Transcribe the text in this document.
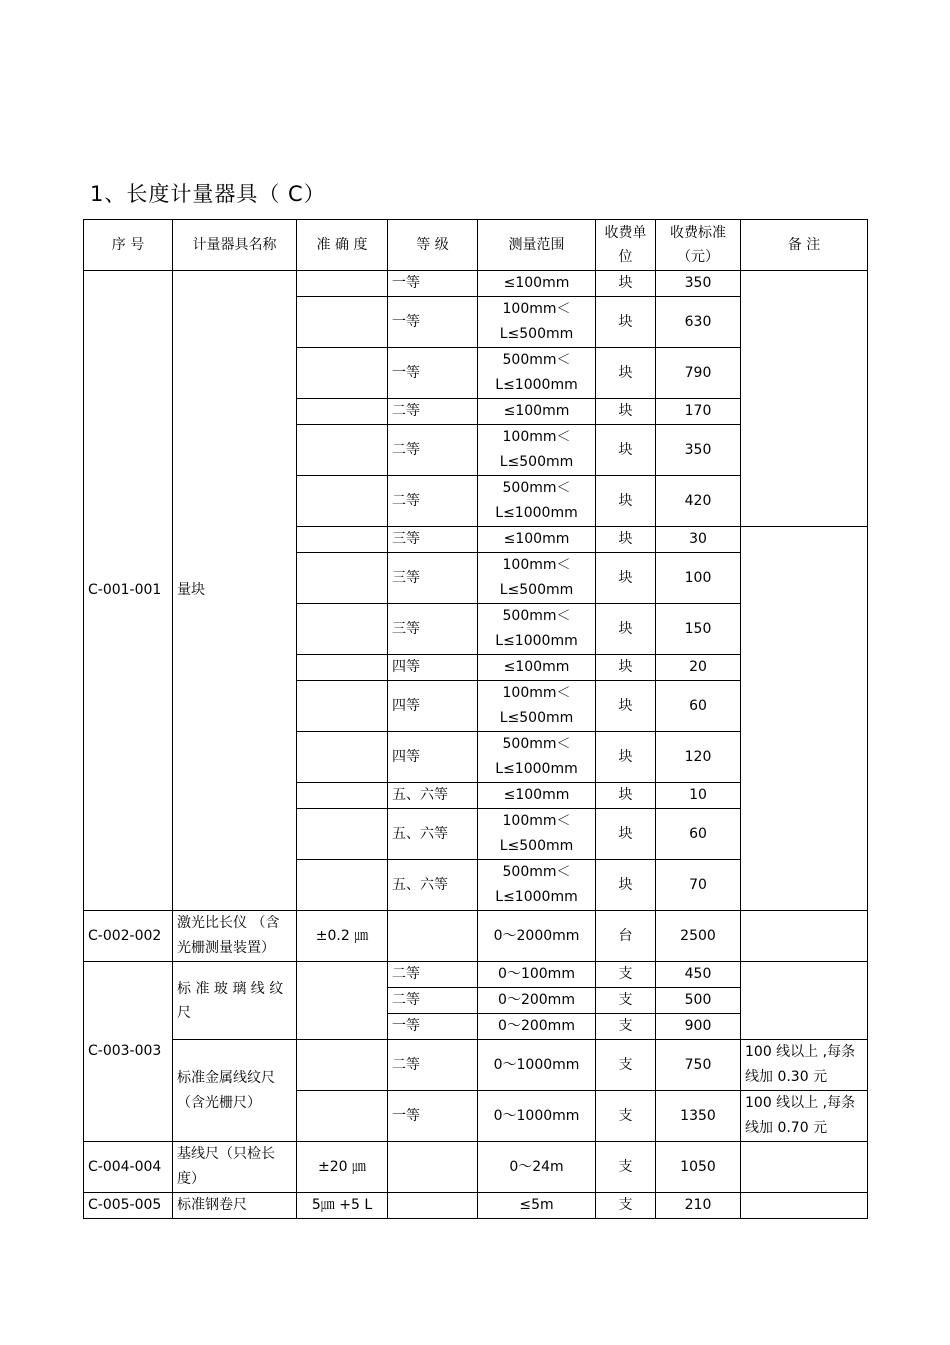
1、长度计量器具（ C）
序 号	计量器具名称	准 确 度	等 级	测量范围	收费单位	收费标准（元）	备 注
C-001-001	量块		一等	≤100mm	块	350	
			一等	100mm＜L≤500mm	块	630	
			一等	500mm＜L≤1000mm	块	790	
			二等	≤100mm	块	170	
			二等	100mm＜L≤500mm	块	350	
			二等	500mm＜L≤1000mm	块	420	
			三等	≤100mm	块	30	
			三等	100mm＜L≤500mm	块	100	
			三等	500mm＜L≤1000mm	块	150	
			四等	≤100mm	块	20	
			四等	100mm＜L≤500mm	块	60	
			四等	500mm＜L≤1000mm	块	120	
			五、六等	≤100mm	块	10	
			五、六等	100mm＜L≤500mm	块	60	
			五、六等	500mm＜L≤1000mm	块	70	
C-002-002	激光比长仪 （含光栅测量装置）	±0.2 ㎛		0～2000mm	台	2500	
C-003-003	标 准 玻 璃 线 纹尺		二等	0～100mm	支	450	
			二等	0～200mm	支	500	
			一等	0～200mm	支	900	
	标准金属线纹尺（含光栅尺）		二等	0～1000mm	支	750	100 线以上 ,每条线加 0.30 元
			一等	0～1000mm	支	1350	100 线以上 ,每条线加 0.70 元
C-004-004	基线尺（只检长度）	±20 ㎛		0～24m	支	1050	
C-005-005	标准钢卷尺	5㎛ +5 L		≤5m	支	210	
